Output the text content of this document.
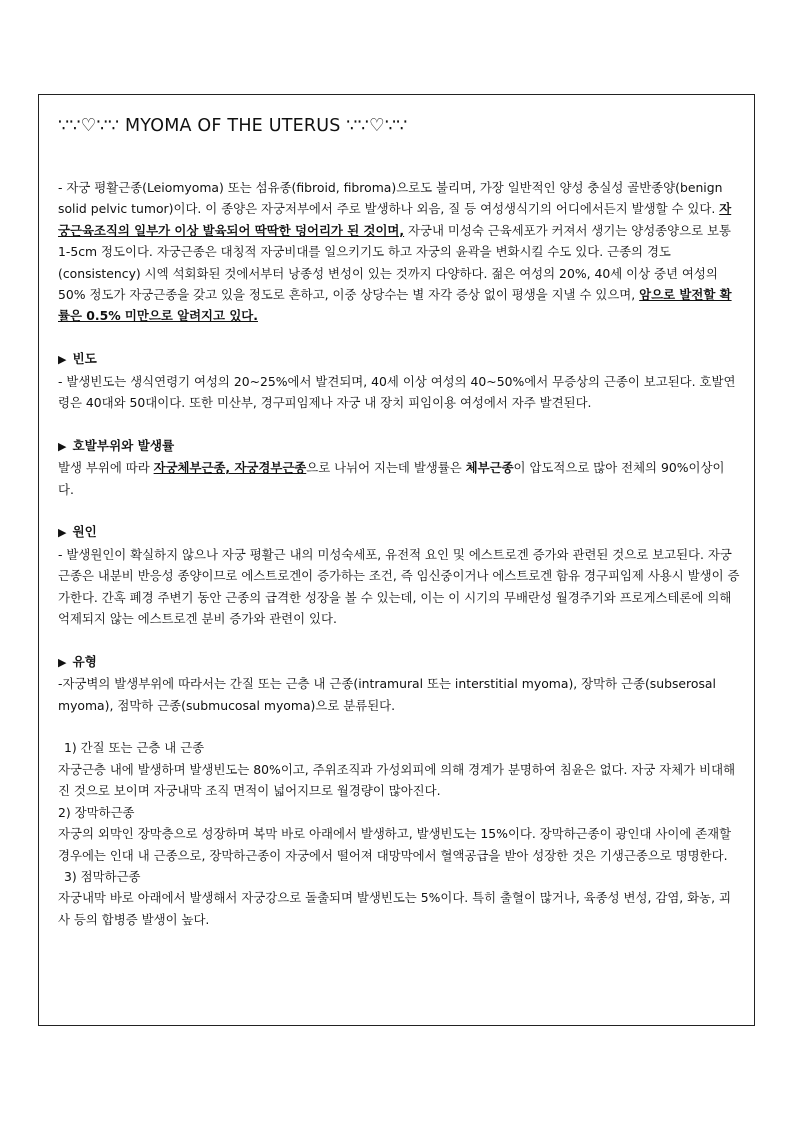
∵∵♡∵∵ MYOMA OF THE UTERUS ∵∵♡∵∵

- 자궁 평활근종(Leiomyoma) 또는 섬유종(fibroid, fibroma)으로도 불리며, 가장 일반적인 양성 충실성 골반종양(benign solid pelvic tumor)이다. 이 종양은 자궁저부에서 주로 발생하나 외음, 질 등 여성생식기의 어디에서든지 발생할 수 있다. 자궁근육조직의 일부가 이상 발육되어 딱딱한 덩어리가 된 것이며, 자궁내 미성숙 근육세포가 커져서 생기는 양성종양으로 보통 1-5cm 정도이다. 자궁근종은 대칭적 자궁비대를 일으키기도 하고 자궁의 윤곽을 변화시킬 수도 있다. 근종의 경도(consistency) 시엑 석회화된 것에서부터 낭종성 변성이 있는 것까지 다양하다. 젊은 여성의 20%, 40세 이상 중년 여성의 50% 정도가 자궁근종을 갖고 있을 정도로 흔하고, 이중 상당수는 별 자각 증상 없이 평생을 지낼 수 있으며, 암으로 발전할 확률은 0.5% 미만으로 알려지고 있다.

▶ 빈도

- 발생빈도는 생식연령기 여성의 20~25%에서 발견되며, 40세 이상 여성의 40~50%에서 무증상의 근종이 보고된다. 호발연령은 40대와 50대이다. 또한 미산부, 경구피임제나 자궁 내 장치 피임이용 여성에서 자주 발견된다.

▶ 호발부위와 발생률

발생 부위에 따라 자궁체부근종, 자궁경부근종으로 나뉘어 지는데 발생률은 체부근종이 압도적으로 많아 전체의 90%이상이다.

▶ 원인

- 발생원인이 확실하지 않으나 자궁 평활근 내의 미성숙세포, 유전적 요인 및 에스트로겐 증가와 관련된 것으로 보고된다. 자궁근종은 내분비 반응성 종양이므로 에스트로겐이 증가하는 조건, 즉 임신중이거나 에스트로겐 함유 경구피임제 사용시 발생이 증가한다. 간혹 폐경 주변기 동안 근종의 급격한 성장을 볼 수 있는데, 이는 이 시기의 무배란성 월경주기와 프로게스테론에 의해 억제되지 않는 에스트로겐 분비 증가와 관련이 있다.

▶ 유형

-자궁벽의 발생부위에 따라서는 간질 또는 근층 내 근종(intramural 또는 interstitial myoma), 장막하 근종(subserosal myoma), 점막하 근종(submucosal myoma)으로 분류된다.

1) 간질 또는 근층 내 근종

자궁근층 내에 발생하며 발생빈도는 80%이고, 주위조직과 가성외피에 의해 경계가 분명하여 침윤은 없다. 자궁 자체가 비대해진 것으로 보이며 자궁내막 조직 면적이 넓어지므로 월경량이 많아진다.

2) 장막하근종

자궁의 외막인 장막층으로 성장하며 복막 바로 아래에서 발생하고, 발생빈도는 15%이다. 장막하근종이 광인대 사이에 존재할 경우에는 인대 내 근종으로, 장막하근종이 자궁에서 떨어져 대망막에서 혈액공급을 받아 성장한 것은 기생근종으로 명명한다.

3) 점막하근종

자궁내막 바로 아래에서 발생해서 자궁강으로 돌출되며 발생빈도는 5%이다. 특히 출혈이 많거나, 육종성 변성, 감염, 화농, 괴사 등의 합병증 발생이 높다.
